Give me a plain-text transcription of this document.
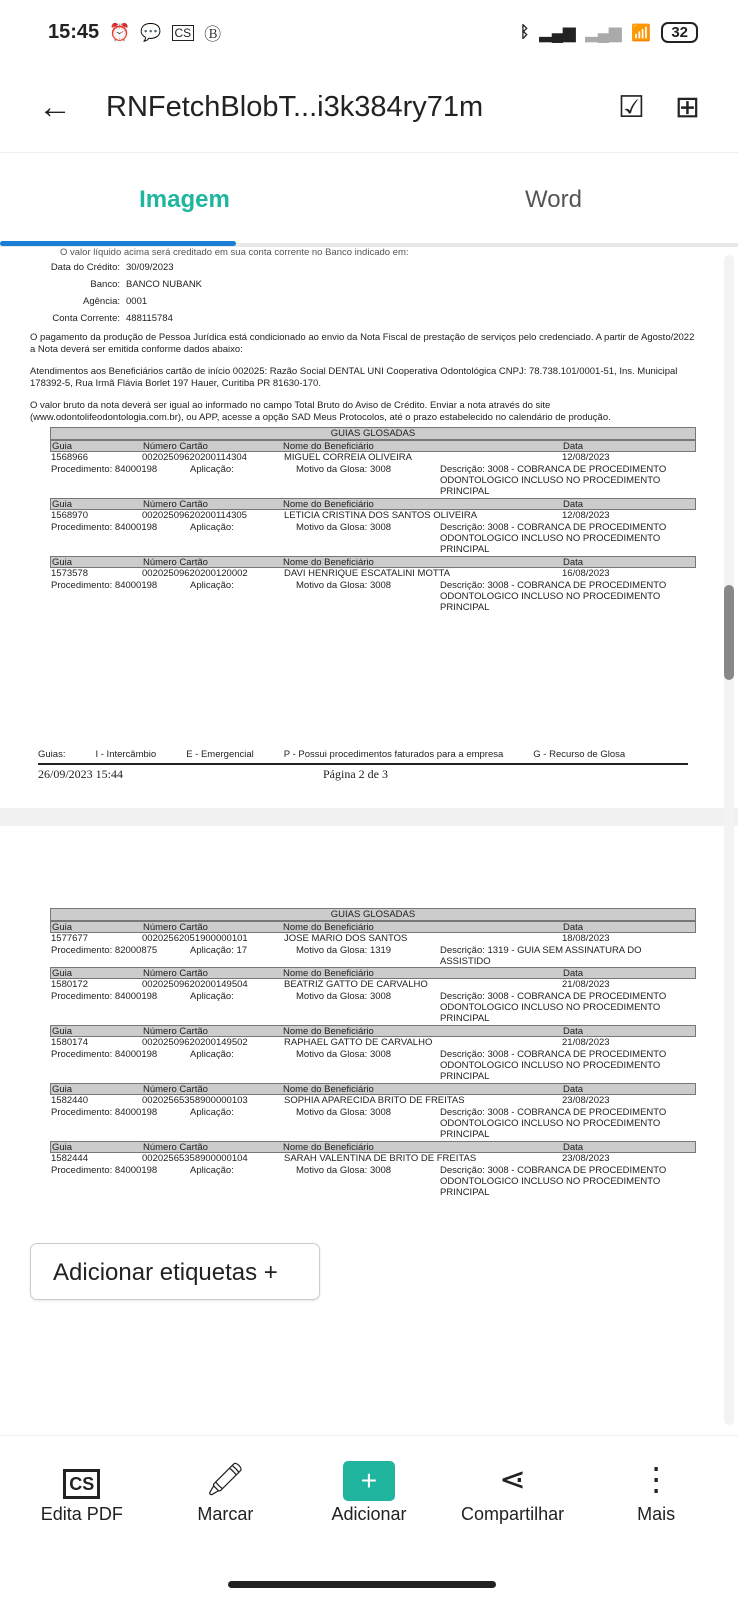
15:45 ⏰ 💬 CS Ⓑ	ᛒ ▂▄▆ ▂▄▆ 📶	32
←	RNFetchBlobT...i3k384ry71m	☑ ⊞
Imagem	Word
O valor líquido acima será creditado em sua conta corrente no Banco indicado em:
Data do Crédito: 30/09/2023
Banco: BANCO NUBANK
Agência: 0001
Conta Corrente: 488115784
O pagamento da produção de Pessoa Jurídica está condicionado ao envio da Nota Fiscal de prestação de serviços pelo credenciado. A partir de Agosto/2022 a Nota deverá ser emitida conforme dados abaixo:
Atendimentos aos Beneficiários cartão de início 002025: Razão Social DENTAL UNI Cooperativa Odontológica CNPJ: 78.738.101/0001-51, Ins. Municipal 178392-5, Rua Irmã Flávia Borlet 197 Hauer, Curitiba PR 81630-170.
O valor bruto da nota deverá ser igual ao informado no campo Total Bruto do Aviso de Crédito. Enviar a nota através do site (www.odontolifeodontologia.com.br), ou APP, acesse a opção SAD Meus Protocolos, até o prazo estabelecido no calendário de produção.
GUIAS GLOSADAS
Guia	Número Cartão	Nome do Beneficiário	Data
1568966	00202509620200114304	MIGUEL CORREIA OLIVEIRA	12/08/2023
Procedimento: 84000198	Aplicação:	Motivo da Glosa: 3008	Descrição: 3008 - COBRANCA DE PROCEDIMENTO ODONTOLOGICO INCLUSO NO PROCEDIMENTO PRINCIPAL
Guia	Número Cartão	Nome do Beneficiário	Data
1568970	00202509620200114305	LETICIA CRISTINA DOS SANTOS OLIVEIRA	12/08/2023
Procedimento: 84000198	Aplicação:	Motivo da Glosa: 3008	Descrição: 3008 - COBRANCA DE PROCEDIMENTO ODONTOLOGICO INCLUSO NO PROCEDIMENTO PRINCIPAL
Guia	Número Cartão	Nome do Beneficiário	Data
1573578	00202509620200120002	DAVI HENRIQUE ESCATALINI MOTTA	16/08/2023
Procedimento: 84000198	Aplicação:	Motivo da Glosa: 3008	Descrição: 3008 - COBRANCA DE PROCEDIMENTO ODONTOLOGICO INCLUSO NO PROCEDIMENTO PRINCIPAL
Guias:	I - Intercâmbio	E - Emergencial	P - Possui procedimentos faturados para a empresa	G - Recurso de Glosa
26/09/2023 15:44	Página 2 de 3
GUIAS GLOSADAS
Guia	Número Cartão	Nome do Beneficiário	Data
1577677	00202562051900000101	JOSE MARIO DOS SANTOS	18/08/2023
Procedimento: 82000875	Aplicação: 17	Motivo da Glosa: 1319	Descrição: 1319 - GUIA SEM ASSINATURA DO ASSISTIDO
Guia	Número Cartão	Nome do Beneficiário	Data
1580172	00202509620200149504	BEATRIZ GATTO DE CARVALHO	21/08/2023
Procedimento: 84000198	Aplicação:	Motivo da Glosa: 3008	Descrição: 3008 - COBRANCA DE PROCEDIMENTO ODONTOLOGICO INCLUSO NO PROCEDIMENTO PRINCIPAL
Guia	Número Cartão	Nome do Beneficiário	Data
1580174	00202509620200149502	RAPHAEL GATTO DE CARVALHO	21/08/2023
Procedimento: 84000198	Aplicação:	Motivo da Glosa: 3008	Descrição: 3008 - COBRANCA DE PROCEDIMENTO ODONTOLOGICO INCLUSO NO PROCEDIMENTO PRINCIPAL
Guia	Número Cartão	Nome do Beneficiário	Data
1582440	00202565358900000103	SOPHIA APARECIDA BRITO DE FREITAS	23/08/2023
Procedimento: 84000198	Aplicação:	Motivo da Glosa: 3008	Descrição: 3008 - COBRANCA DE PROCEDIMENTO ODONTOLOGICO INCLUSO NO PROCEDIMENTO PRINCIPAL
Guia	Número Cartão	Nome do Beneficiário	Data
1582444	00202565358900000104	SARAH VALENTINA DE BRITO DE FREITAS	23/08/2023
Procedimento: 84000198	Aplicação:	Motivo da Glosa: 3008	Descrição: 3008 - COBRANCA DE PROCEDIMENTO ODONTOLOGICO INCLUSO NO PROCEDIMENTO PRINCIPAL
Adicionar etiquetas +
CS
Edita PDF
🖍
Marcar
+
Adicionar
⋖
Compartilhar
⋮
Mais
